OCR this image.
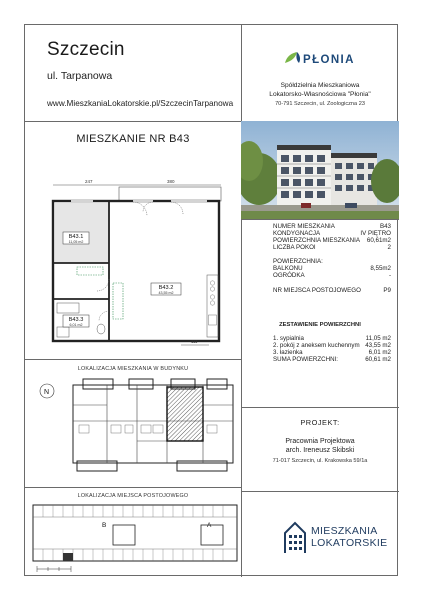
Szczecin
ul. Tarpanowa
www.MieszkaniaLokatorskie.pl/SzczecinTarpanowa
PŁONIA
Spółdzielnia Mieszkaniowa
Lokatorsko-Własnościowa "Płonia"
70-791 Szczecin, ul. Zoologiczna 23
MIESZKANIE NR B43
247	380
B43.1
11,05 m2
B43.2
43,55 m2
B43.3
6,01 m2
111
LOKALIZACJA MIESZKANIA W BUDYNKU
N
LOKALIZACJA MIEJSCA POSTOJOWEGO
B	A
NUMER MIESZKANIA	B43
KONDYGNACJA	IV PIĘTRO
POWIERZCHNIA MIESZKANIA	60,61m2
LICZBA POKOI	2
POWIERZCHNIA:
BALKONU	8,55m2
OGRÓDKA	-
NR MIEJSCA POSTOJOWEGO	P9
ZESTAWIENIE POWIERZCHNI
1. sypialnia	11,05 m2
2. pokój z aneksem kuchennym 43,55 m2
3. łazienka	6,01 m2
SUMA POWIERZCHNI:	60,61 m2
PROJEKT:
Pracownia Projektowa
arch. Ireneusz Skibski
71-017 Szczecin, ul. Krakowska 59/1a
MIESZKANIA
LOKATORSKIE
